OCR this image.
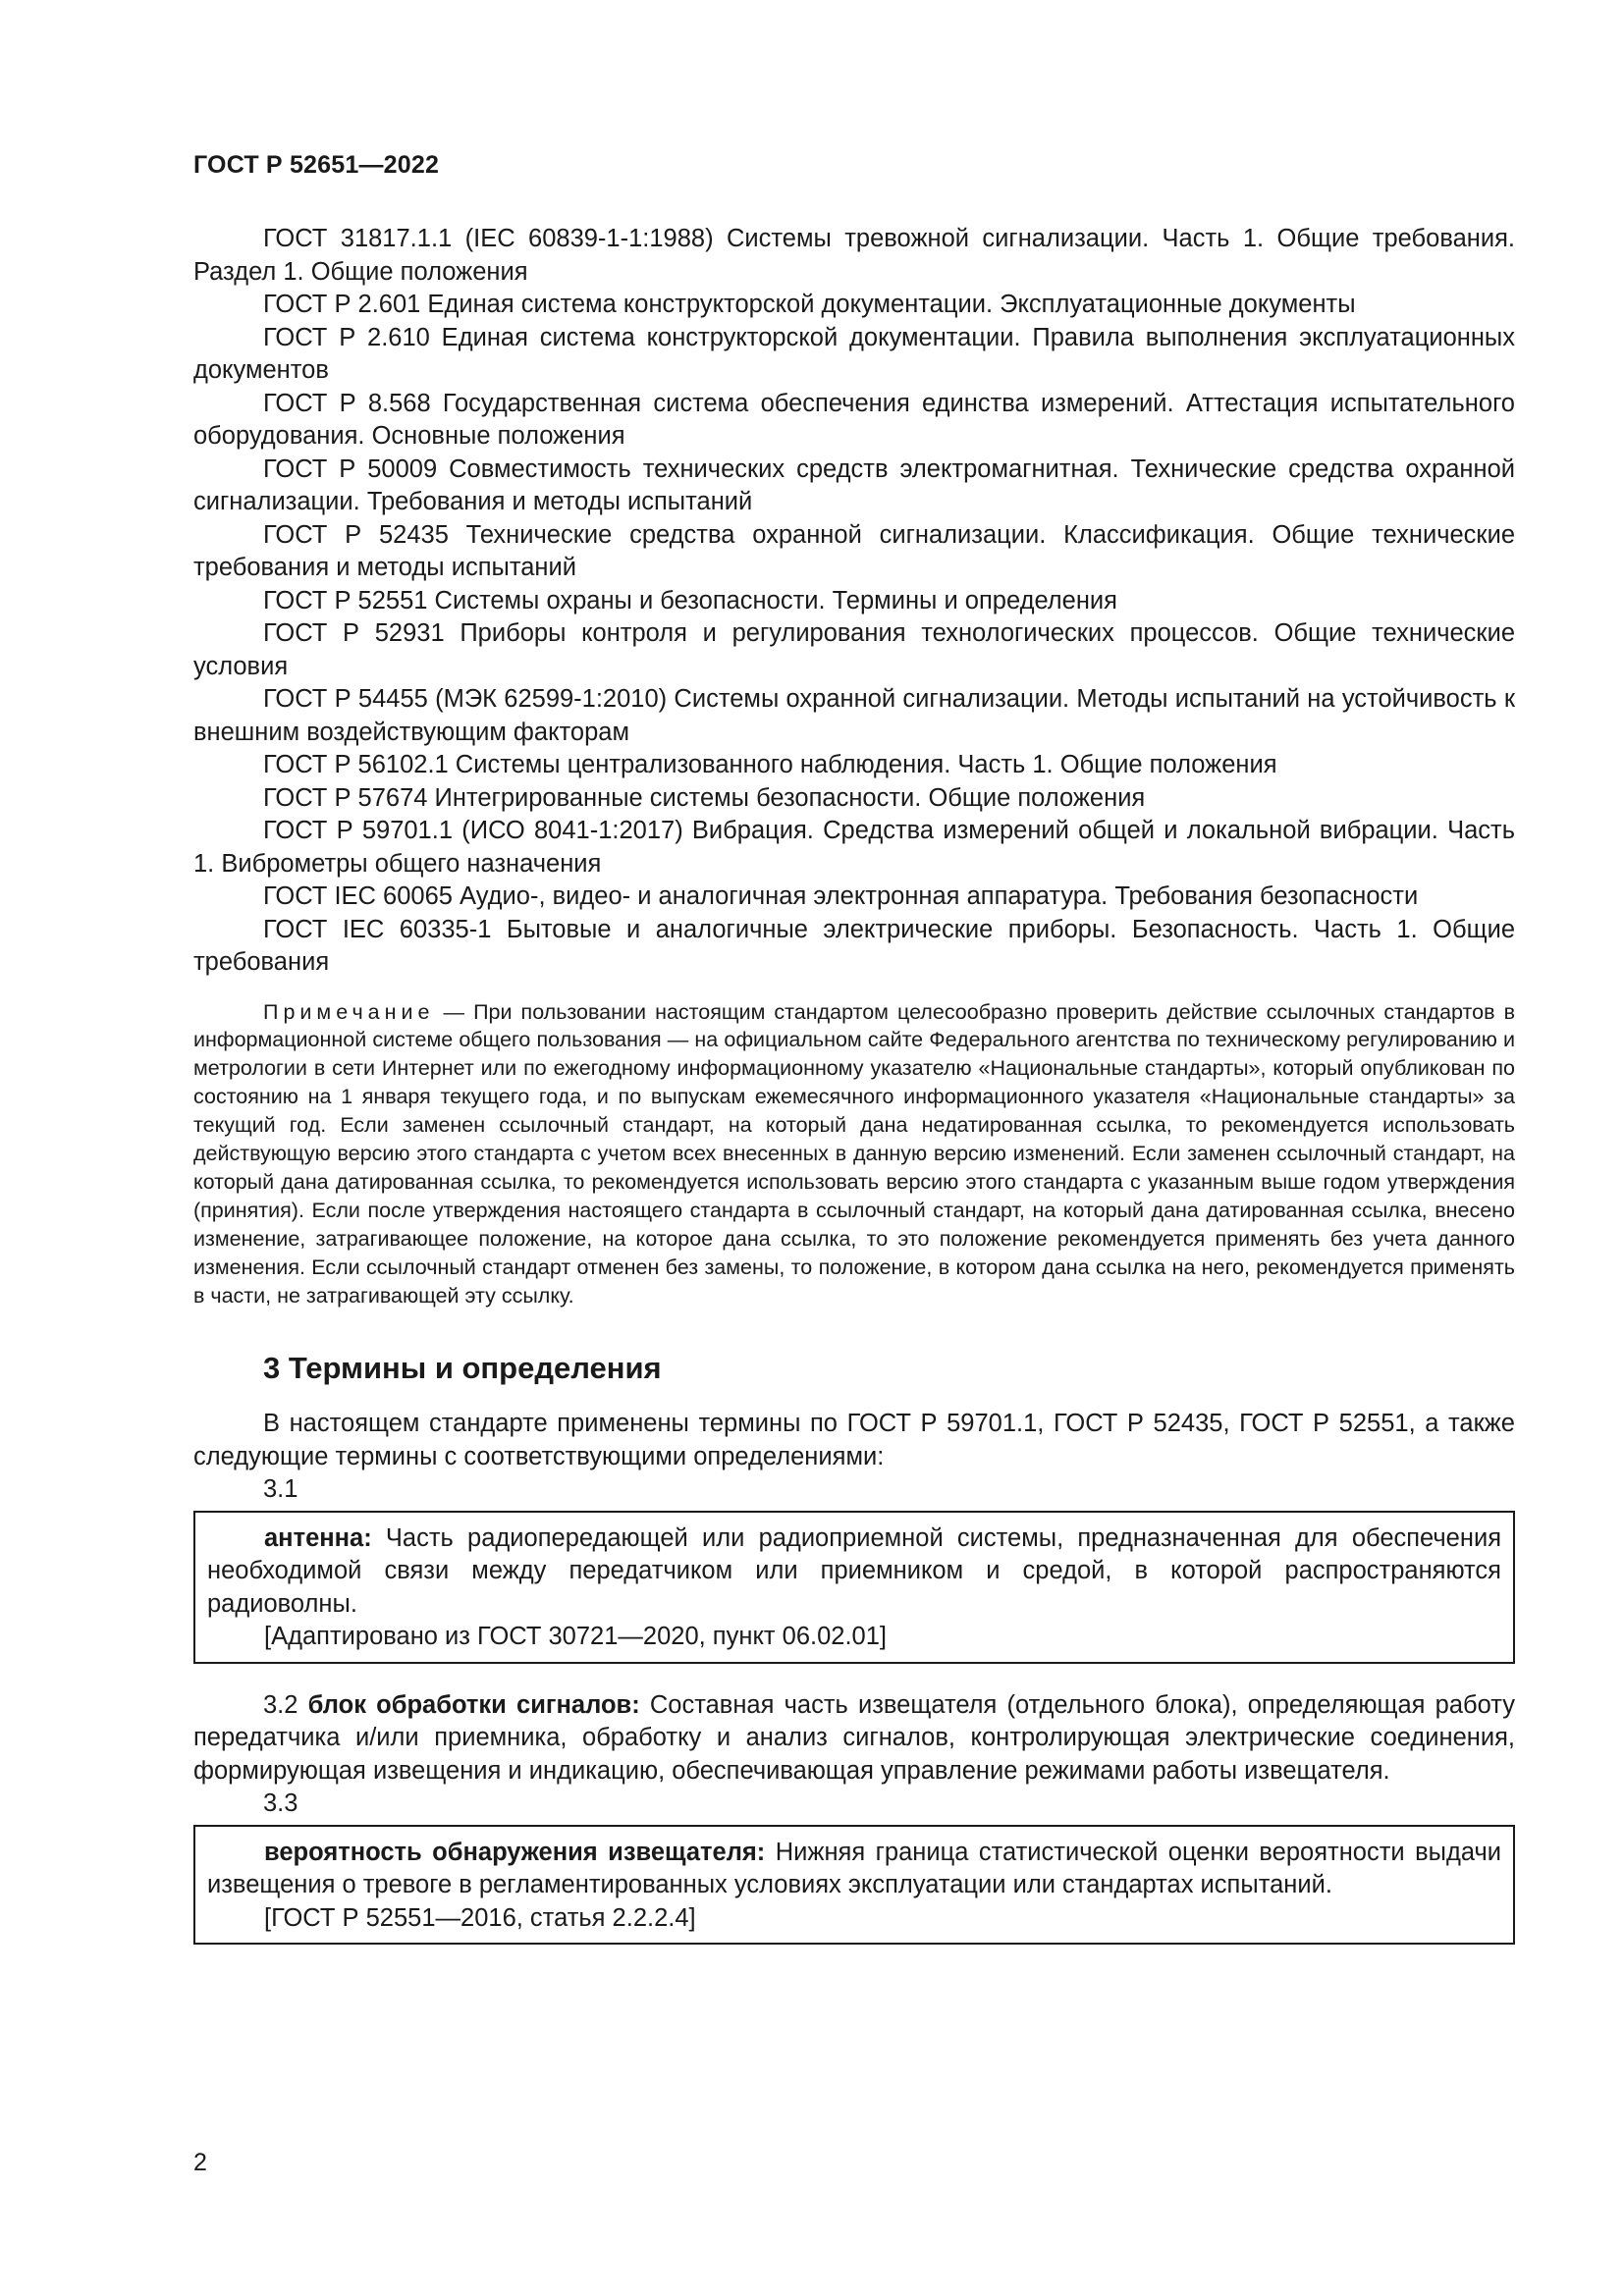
ГОСТ Р 52651—2022

ГОСТ 31817.1.1 (IEC 60839-1-1:1988) Системы тревожной сигнализации. Часть 1. Общие требования. Раздел 1. Общие положения

ГОСТ Р 2.601 Единая система конструкторской документации. Эксплуатационные документы

ГОСТ Р 2.610 Единая система конструкторской документации. Правила выполнения эксплуатационных документов

ГОСТ Р 8.568 Государственная система обеспечения единства измерений. Аттестация испытательного оборудования. Основные положения

ГОСТ Р 50009 Совместимость технических средств электромагнитная. Технические средства охранной сигнализации. Требования и методы испытаний

ГОСТ Р 52435 Технические средства охранной сигнализации. Классификация. Общие технические требования и методы испытаний

ГОСТ Р 52551 Системы охраны и безопасности. Термины и определения

ГОСТ Р 52931 Приборы контроля и регулирования технологических процессов. Общие технические условия

ГОСТ Р 54455 (МЭК 62599-1:2010) Системы охранной сигнализации. Методы испытаний на устойчивость к внешним воздействующим факторам

ГОСТ Р 56102.1 Системы централизованного наблюдения. Часть 1. Общие положения

ГОСТ Р 57674 Интегрированные системы безопасности. Общие положения

ГОСТ Р 59701.1 (ИСО 8041-1:2017) Вибрация. Средства измерений общей и локальной вибрации. Часть 1. Виброметры общего назначения

ГОСТ IEC 60065 Аудио-, видео- и аналогичная электронная аппаратура. Требования безопасности

ГОСТ IEC 60335-1 Бытовые и аналогичные электрические приборы. Безопасность. Часть 1. Общие требования

Примечание — При пользовании настоящим стандартом целесообразно проверить действие ссылочных стандартов в информационной системе общего пользования — на официальном сайте Федерального агентства по техническому регулированию и метрологии в сети Интернет или по ежегодному информационному указателю «Национальные стандарты», который опубликован по состоянию на 1 января текущего года, и по выпускам ежемесячного информационного указателя «Национальные стандарты» за текущий год. Если заменен ссылочный стандарт, на который дана недатированная ссылка, то рекомендуется использовать действующую версию этого стандарта с учетом всех внесенных в данную версию изменений. Если заменен ссылочный стандарт, на который дана датированная ссылка, то рекомендуется использовать версию этого стандарта с указанным выше годом утверждения (принятия). Если после утверждения настоящего стандарта в ссылочный стандарт, на который дана датированная ссылка, внесено изменение, затрагивающее положение, на которое дана ссылка, то это положение рекомендуется применять без учета данного изменения. Если ссылочный стандарт отменен без замены, то положение, в котором дана ссылка на него, рекомендуется применять в части, не затрагивающей эту ссылку.
3 Термины и определения
В настоящем стандарте применены термины по ГОСТ Р 59701.1, ГОСТ Р 52435, ГОСТ Р 52551, а также следующие термины с соответствующими определениями:
3.1

антенна: Часть радиопередающей или радиоприемной системы, предназначенная для обеспечения необходимой связи между передатчиком или приемником и средой, в которой распространяются радиоволны.

[Адаптировано из ГОСТ 30721—2020, пункт 06.02.01]

3.2 блок обработки сигналов: Составная часть извещателя (отдельного блока), определяющая работу передатчика и/или приемника, обработку и анализ сигналов, контролирующая электрические соединения, формирующая извещения и индикацию, обеспечивающая управление режимами работы извещателя.
3.3

вероятность обнаружения извещателя: Нижняя граница статистической оценки вероятности выдачи извещения о тревоге в регламентированных условиях эксплуатации или стандартах испытаний.

[ГОСТ Р 52551—2016, статья 2.2.2.4]

2
